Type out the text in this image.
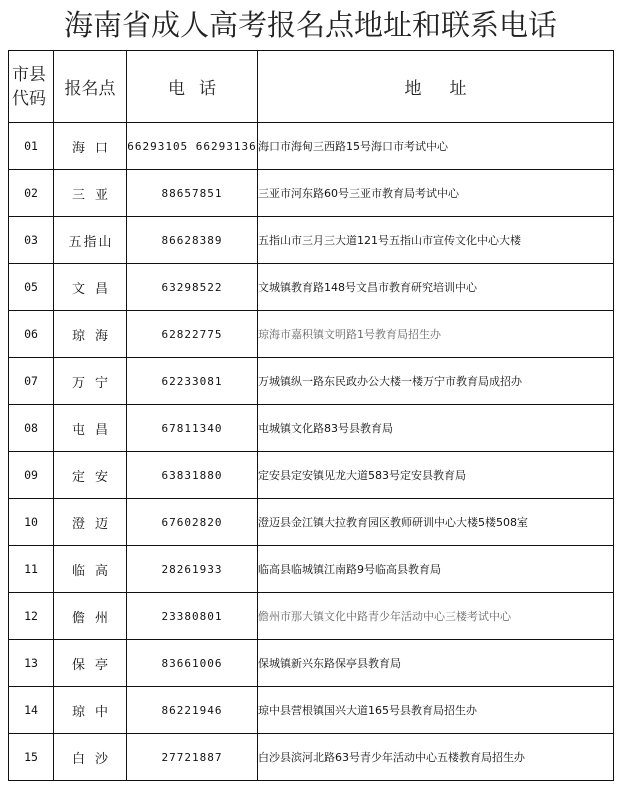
海南省成人高考报名点地址和联系电话
市县代码	报名点	电话	地址
01	海口	66293105 66293136	海口市海甸三西路15号海口市考试中心
02	三亚	88657851	三亚市河东路60号三亚市教育局考试中心
03	五指山	86628389	五指山市三月三大道121号五指山市宣传文化中心大楼
05	文昌	63298522	文城镇教育路148号文昌市教育研究培训中心
06	琼海	62822775	琼海市嘉积镇文明路1号教育局招生办
07	万宁	62233081	万城镇纵一路东民政办公大楼一楼万宁市教育局成招办
08	屯昌	67811340	屯城镇文化路83号县教育局
09	定安	63831880	定安县定安镇见龙大道583号定安县教育局
10	澄迈	67602820	澄迈县金江镇大拉教育园区教师研训中心大楼5楼508室
11	临高	28261933	临高县临城镇江南路9号临高县教育局
12	儋州	23380801	儋州市那大镇文化中路青少年活动中心三楼考试中心
13	保亭	83661006	保城镇新兴东路保亭县教育局
14	琼中	86221946	琼中县营根镇国兴大道165号县教育局招生办
15	白沙	27721887	白沙县滨河北路63号青少年活动中心五楼教育局招生办
